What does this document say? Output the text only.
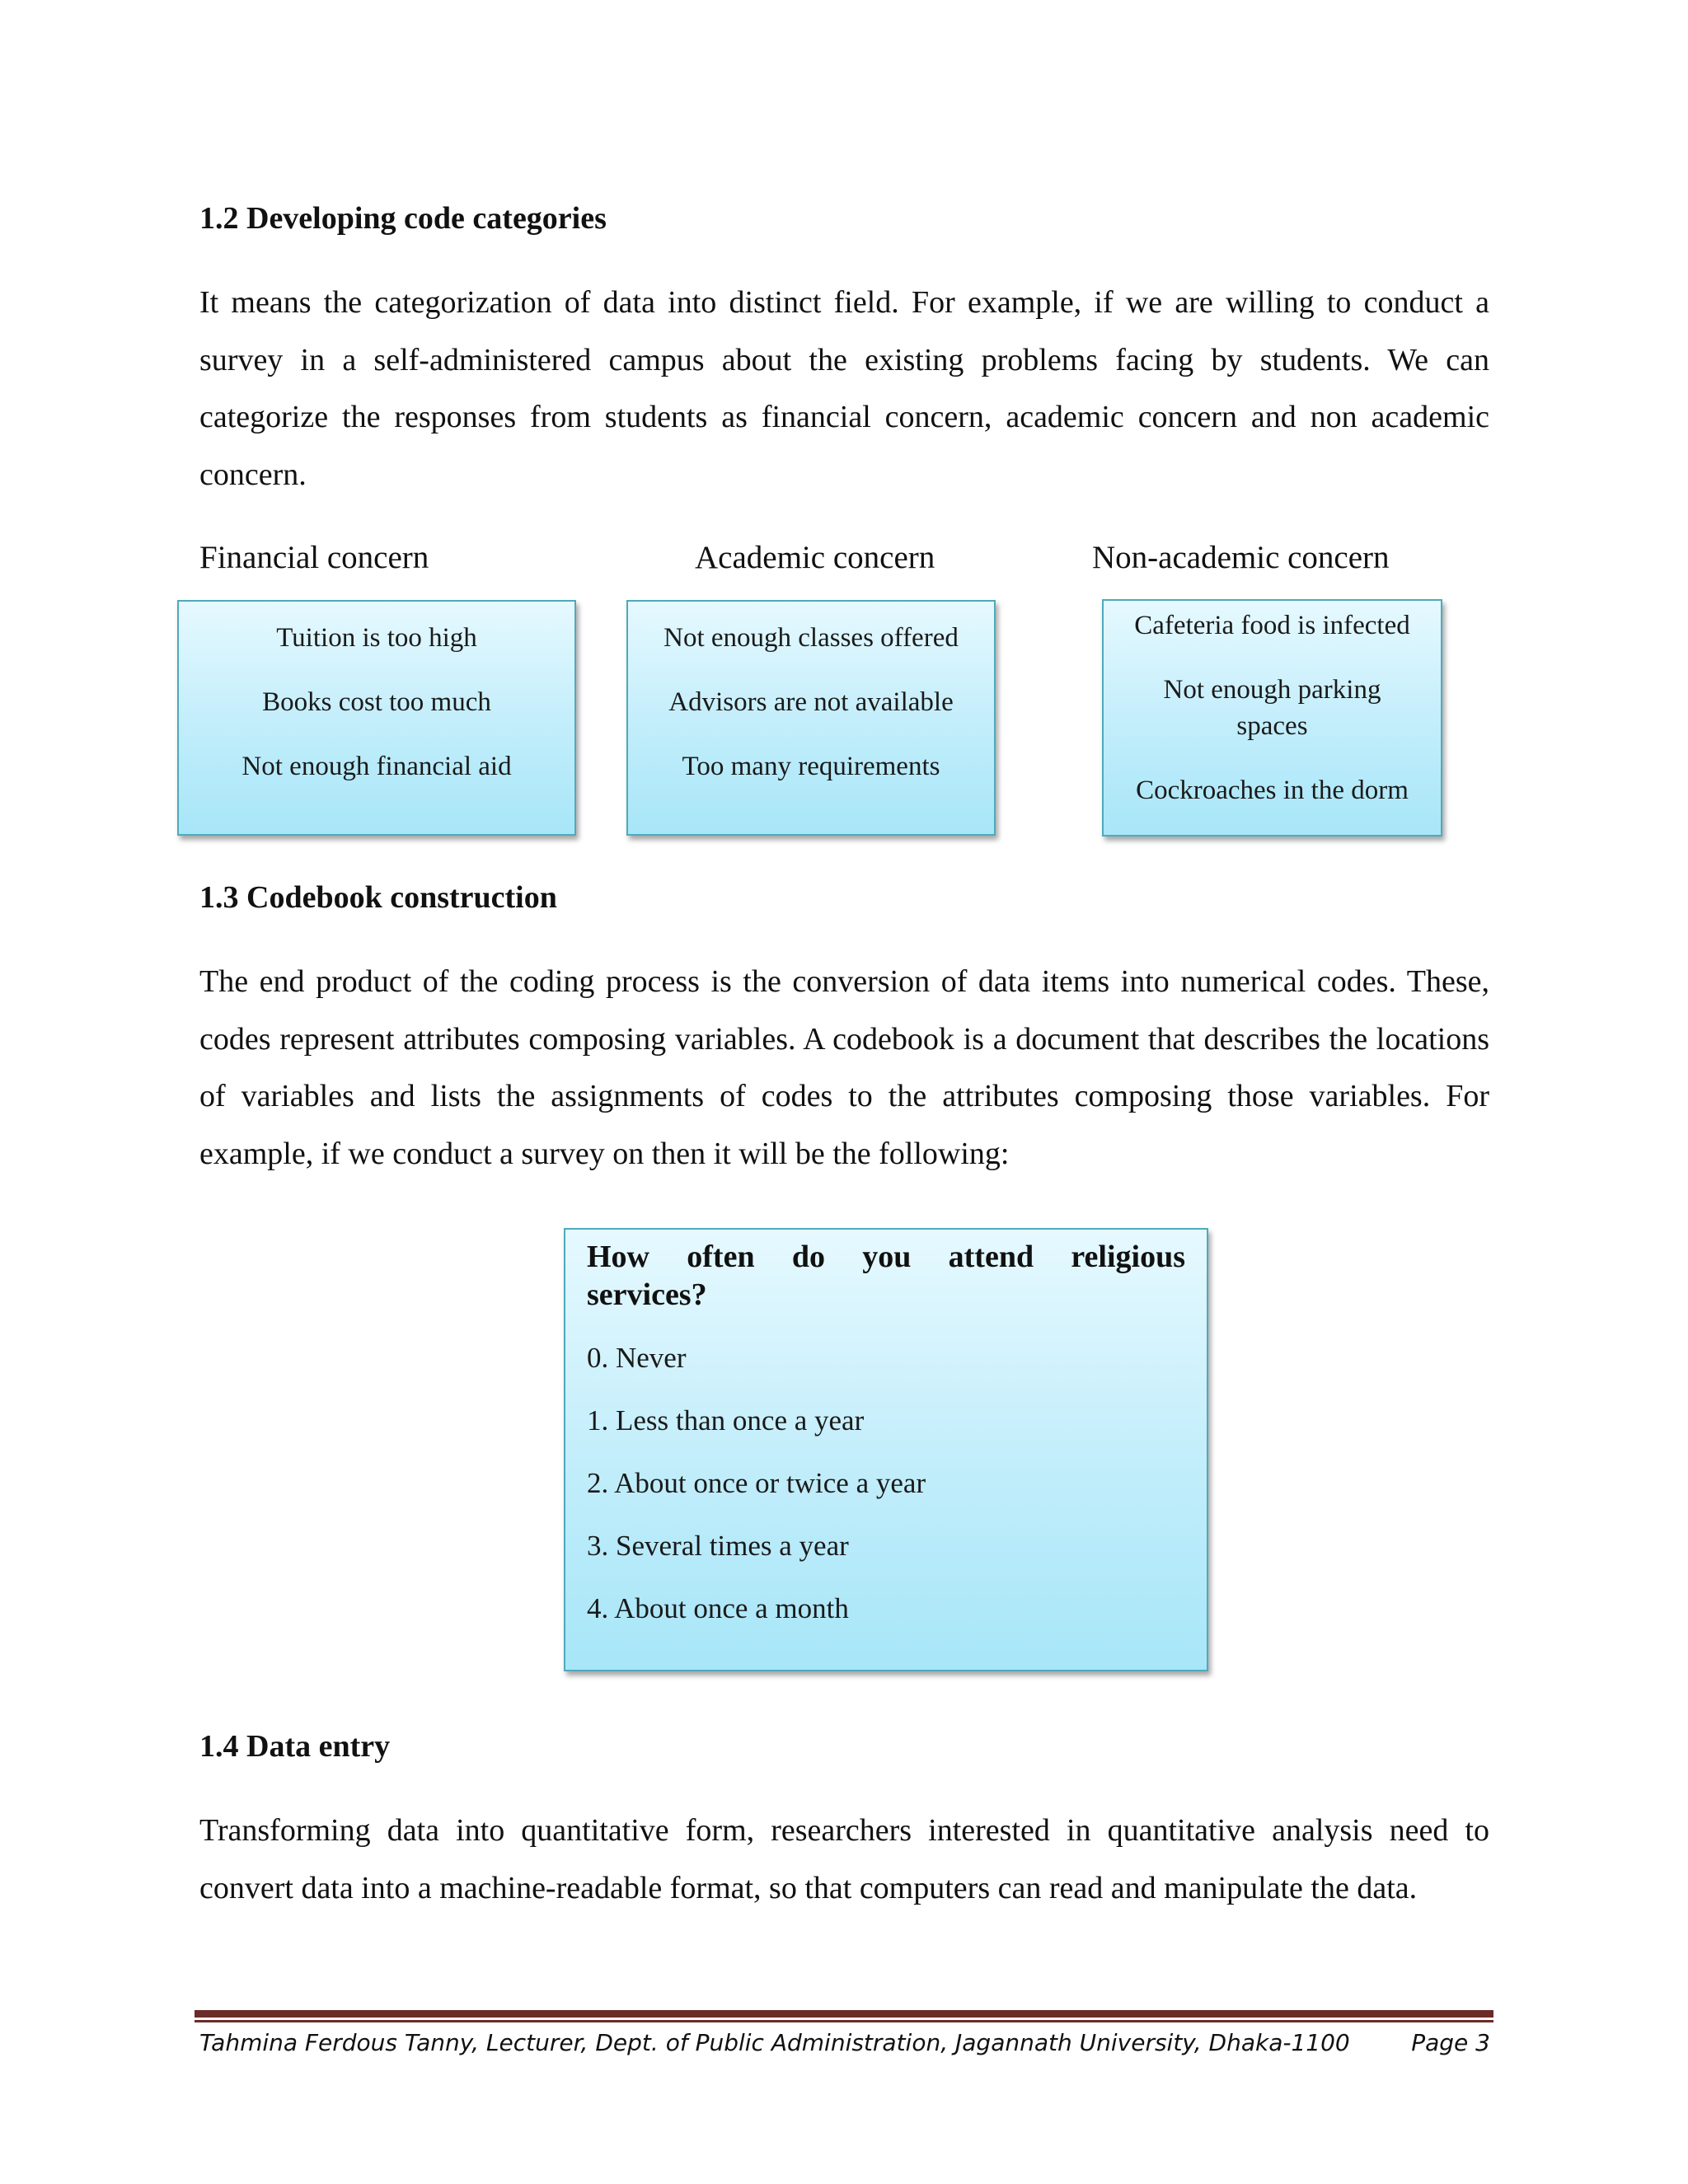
1.2 Developing code categories

It means the categorization of data into distinct field. For example, if we are willing to conduct a survey in a self-administered campus about the existing problems facing by students. We can categorize the responses from students as financial concern, academic concern and non academic concern.

Financial concern	Academic concern	Non-academic concern
Tuition is too high
Books cost too much
Not enough financial aid
Not enough classes offered
Advisors are not available
Too many requirements
Cafeteria food is infected
Not enough parking spaces
Cockroaches in the dorm
1.3 Codebook construction

The end product of the coding process is the conversion of data items into numerical codes. These, codes represent attributes composing variables. A codebook is a document that describes the locations of variables and lists the assignments of codes to the attributes composing those variables. For example, if we conduct a survey on then it will be the following:

How often do you attend religious
services?

0. Never
1. Less than once a year
2. About once or twice a year
3. Several times a year
4. About once a month
1.4 Data entry

Transforming data into quantitative form, researchers interested in quantitative analysis need to convert data into a machine-readable format, so that computers can read and manipulate the data.

Tahmina Ferdous Tanny, Lecturer, Dept. of Public Administration, Jagannath University, Dhaka-1100	Page 3
